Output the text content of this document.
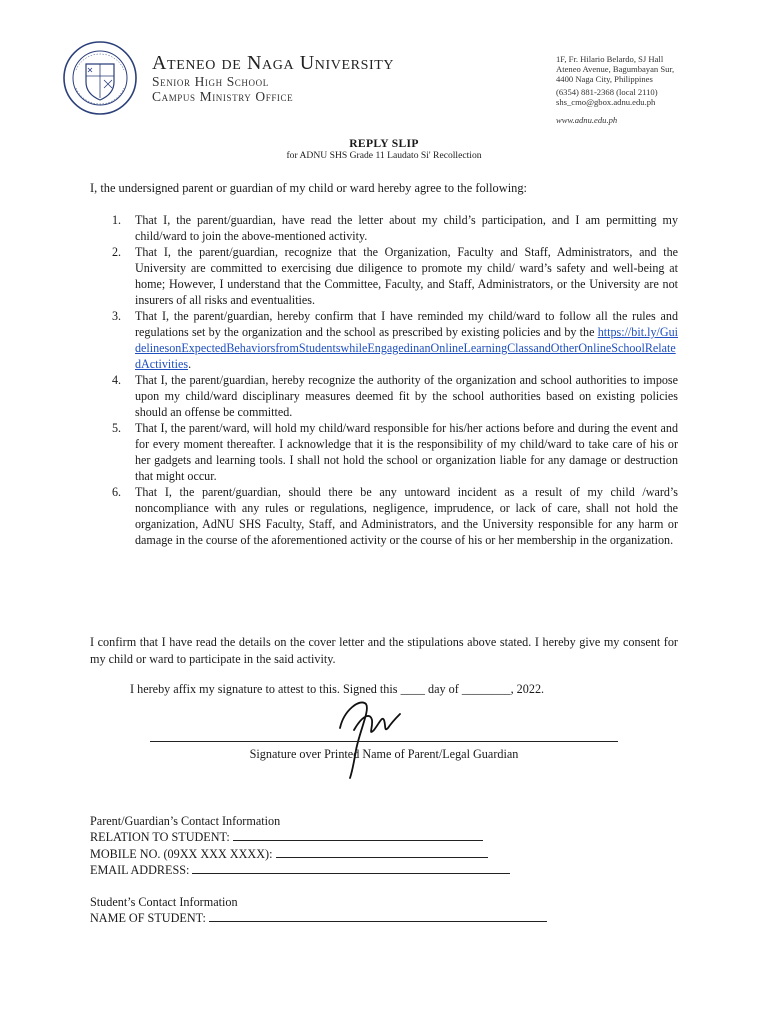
Ateneo de Naga University
Senior High School
Campus Ministry Office
1F, Fr. Hilario Belardo, SJ Hall
Ateneo Avenue, Bagumbayan Sur,
4400 Naga City, Philippines
(6354) 881-2368 (local 2110)
shs_cmo@gbox.adnu.edu.ph
www.adnu.edu.ph
REPLY SLIP
for ADNU SHS Grade 11 Laudato Si' Recollection
I, the undersigned parent or guardian of my child or ward hereby agree to the following:
1. That I, the parent/guardian, have read the letter about my child’s participation, and I am permitting my child/ward to join the above-mentioned activity.
2. That I, the parent/guardian, recognize that the Organization, Faculty and Staff, Administrators, and the University are committed to exercising due diligence to promote my child/ ward’s safety and well-being at home; However, I understand that the Committee, Faculty, and Staff, Administrators, or the University are not insurers of all risks and eventualities.
3. That I, the parent/guardian, hereby confirm that I have reminded my child/ward to follow all the rules and regulations set by the organization and the school as prescribed by existing policies and by the https://bit.ly/GuidelinesonExpectedBehaviorsfromStudentswhileEngagedinanOnlineLearningClassandOtherOnlineSchoolRelatedActivities.
4. That I, the parent/guardian, hereby recognize the authority of the organization and school authorities to impose upon my child/ward disciplinary measures deemed fit by the school authorities based on existing policies should an offense be committed.
5. That I, the parent/ward, will hold my child/ward responsible for his/her actions before and during the event and for every moment thereafter. I acknowledge that it is the responsibility of my child/ward to take care of his or her gadgets and learning tools. I shall not hold the school or organization liable for any damage or destruction that might occur.
6. That I, the parent/guardian, should there be any untoward incident as a result of my child /ward’s noncompliance with any rules or regulations, negligence, imprudence, or lack of care, shall not hold the organization, AdNU SHS Faculty, Staff, and Administrators, and the University responsible for any harm or damage in the course of the aforementioned activity or the course of his or her membership in the organization.
I confirm that I have read the details on the cover letter and the stipulations above stated. I hereby give my consent for my child or ward to participate in the said activity.
I hereby affix my signature to attest to this. Signed this ____ day of ________, 2022.
Signature over Printed Name of Parent/Legal Guardian
Parent/Guardian’s Contact Information
RELATION TO STUDENT:
MOBILE NO. (09XX XXX XXXX):
EMAIL ADDRESS:
Student’s Contact Information
NAME OF STUDENT:
